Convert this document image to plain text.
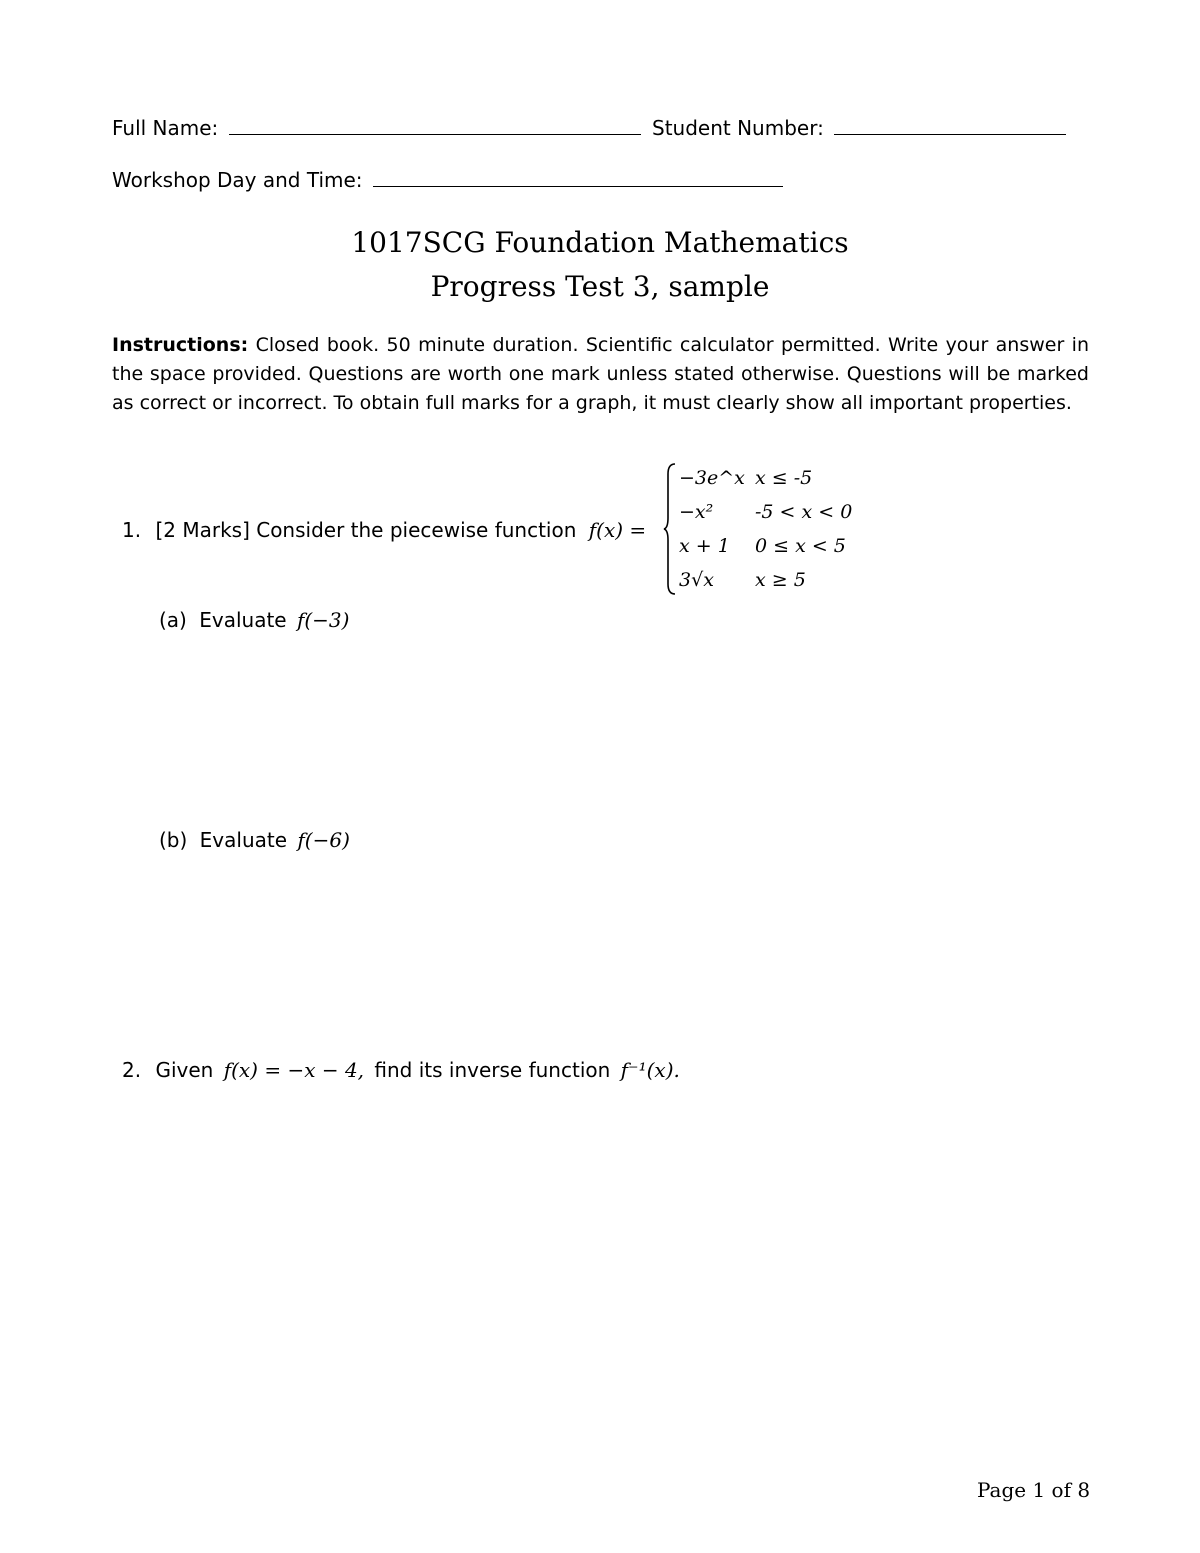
Full Name:	Student Number:
Workshop Day and Time:
1017SCG Foundation Mathematics
Progress Test 3, sample
Instructions: Closed book. 50 minute duration. Scientific calculator permitted. Write your answer in the space provided. Questions are worth one mark unless stated otherwise. Questions will be marked as correct or incorrect. To obtain full marks for a graph, it must clearly show all important properties.
1. [2 Marks] Consider the piecewise function f(x) =
−3e^x x ≤ -5
−x² -5 < x < 0
x + 1 0 ≤ x < 5
3√x x ≥ 5
(a) Evaluate f(−3)
(b) Evaluate f(−6)
2. Given f(x) = −x − 4, find its inverse function f⁻¹(x).
Page 1 of 8
